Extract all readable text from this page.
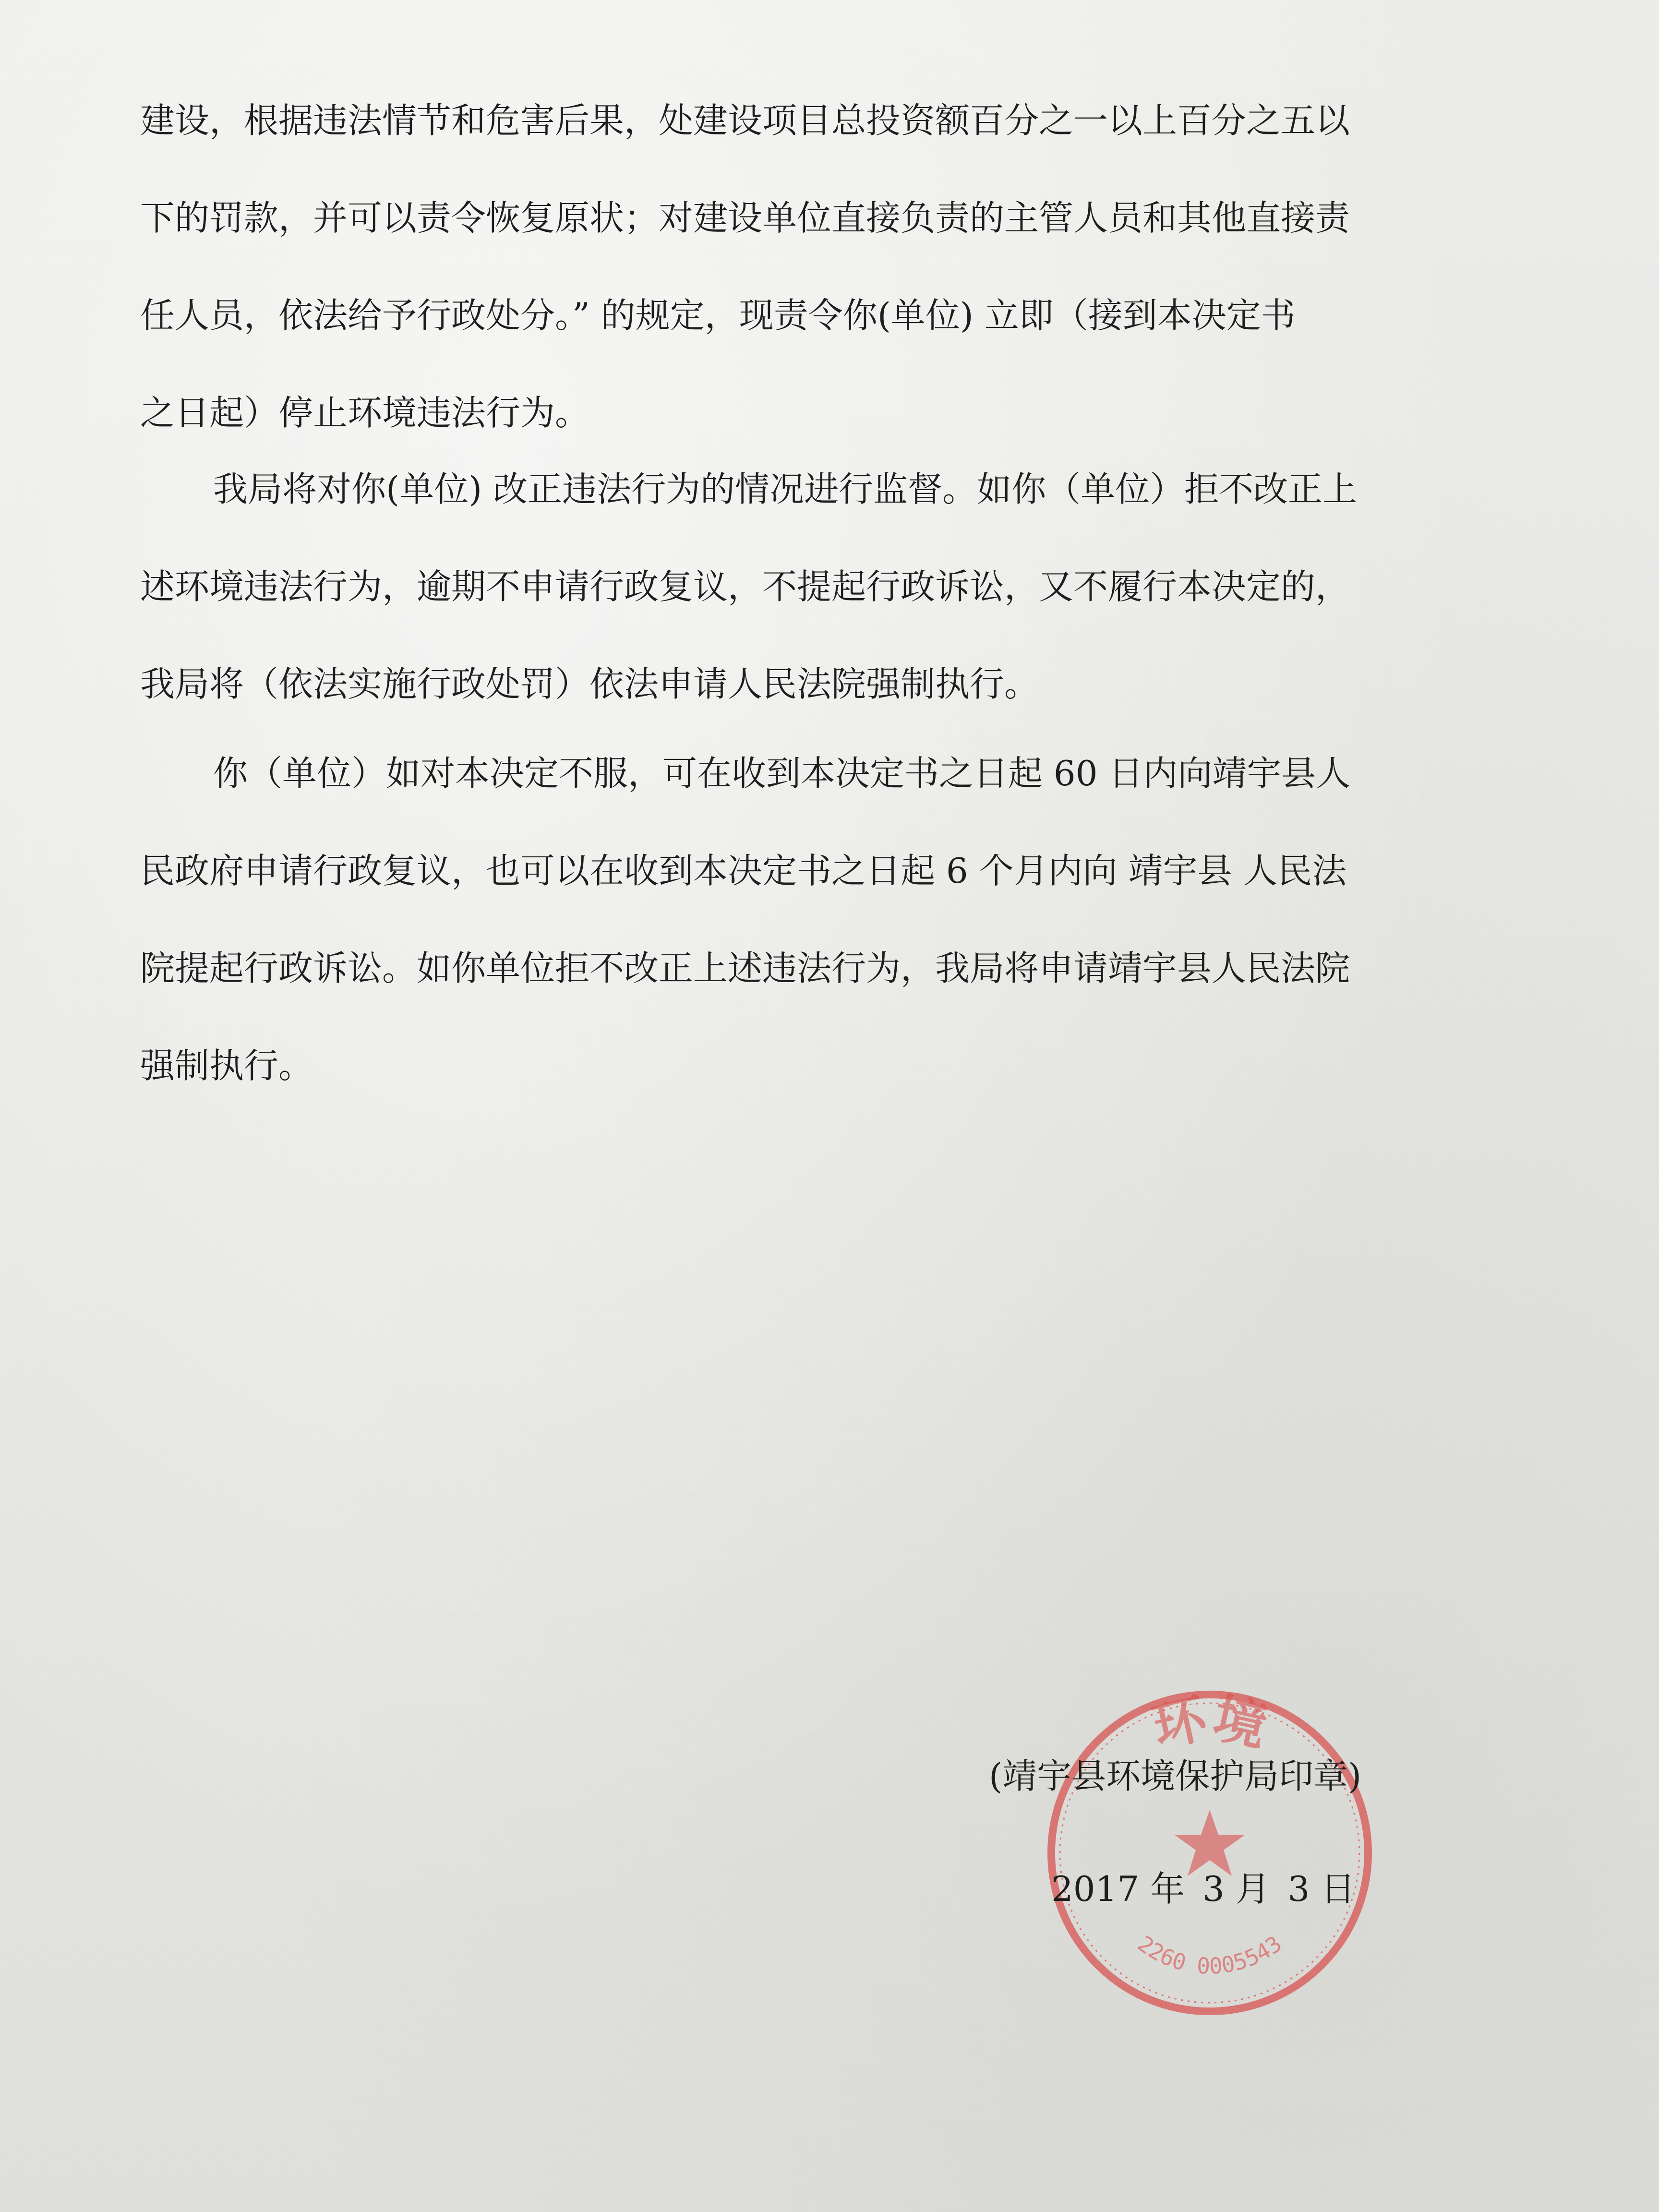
建设，根据违法情节和危害后果，处建设项目总投资额百分之一以上百分之五以
下的罚款，并可以责令恢复原状；对建设单位直接负责的主管人员和其他直接责
任人员，依法给予行政处分。” 的规定，现责令你(单位) 立即（接到本决定书
之日起）停止环境违法行为。
我局将对你(单位) 改正违法行为的情况进行监督。如你（单位）拒不改正上
述环境违法行为，逾期不申请行政复议，不提起行政诉讼，又不履行本决定的，
我局将（依法实施行政处罚）依法申请人民法院强制执行。
你（单位）如对本决定不服，可在收到本决定书之日起 60 日内向靖宇县人
民政府申请行政复议，也可以在收到本决定书之日起 6 个月内向 靖宇县 人民法
院提起行政诉讼。如你单位拒不改正上述违法行为，我局将申请靖宇县人民法院
强制执行。
环境
2260 0005543
(靖宇县环境保护局印章)
2017 年 3 月 3 日
